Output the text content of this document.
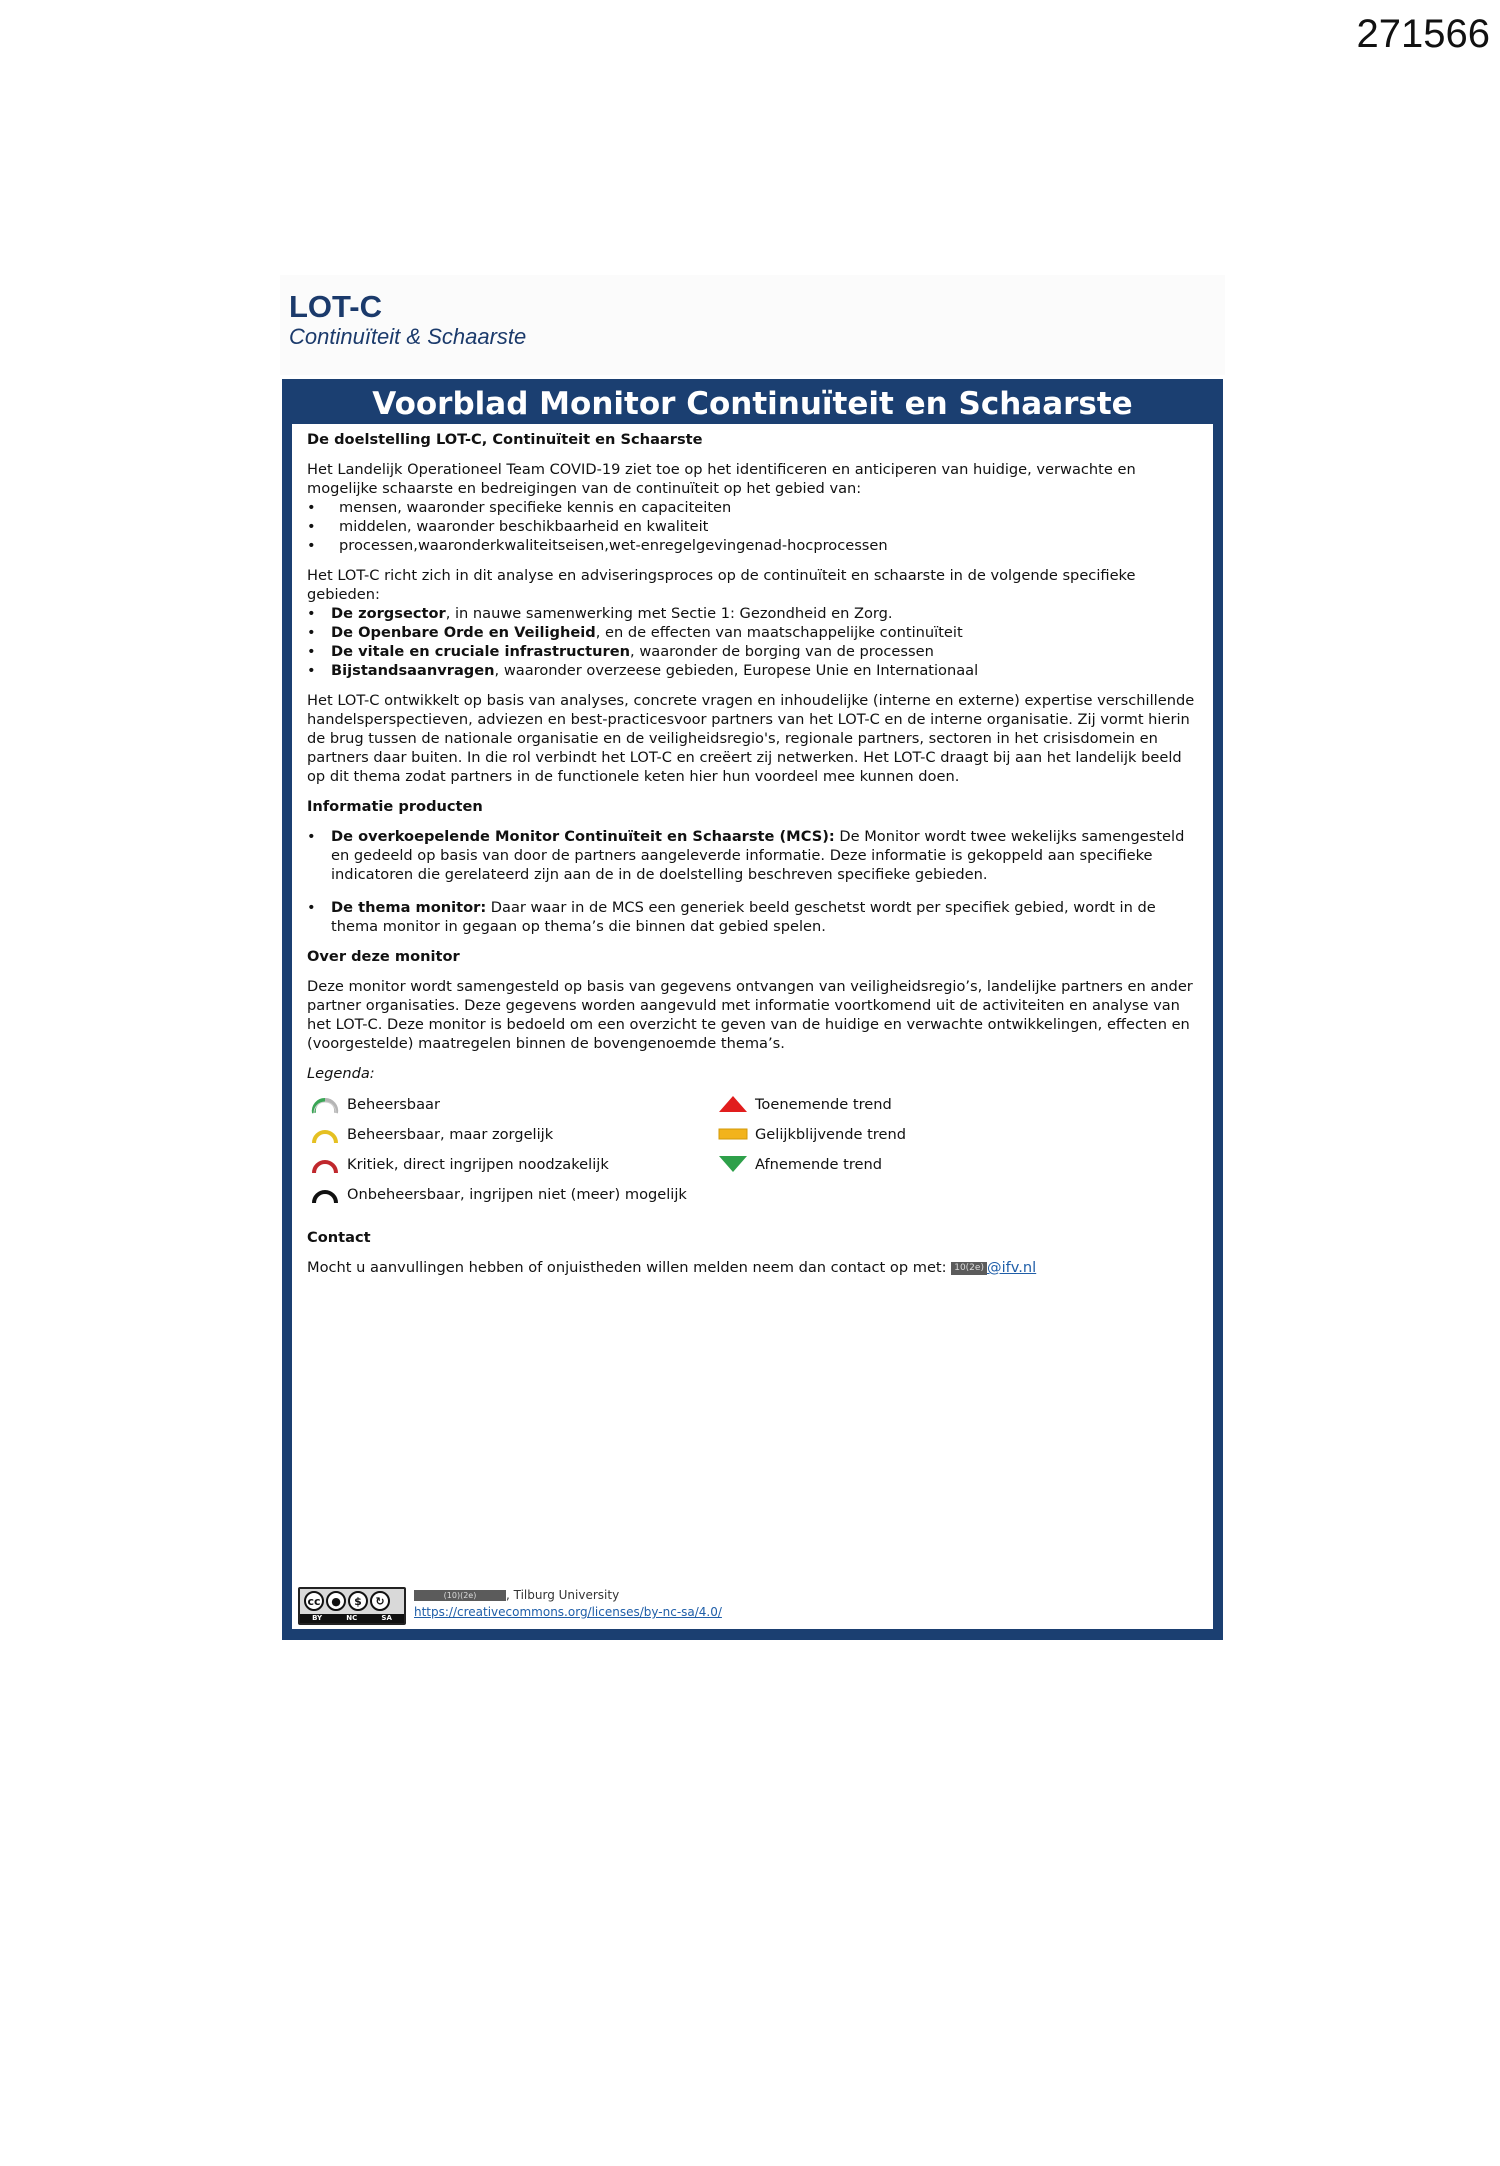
271566
LOT-C
Continuïteit & Schaarste
Voorblad Monitor Continuïteit en Schaarste

De doelstelling LOT-C, Continuïteit en Schaarste

Het Landelijk Operationeel Team COVID-19 ziet toe op het identificeren en anticiperen van huidige, verwachte en mogelijke schaarste en bedreigingen van de continuïteit op het gebied van:

• mensen, waaronder specifieke kennis en capaciteiten
• middelen, waaronder beschikbaarheid en kwaliteit
• processen,waaronderkwaliteitseisen,wet-enregelgevingenad-hocprocessen

Het LOT-C richt zich in dit analyse en adviseringsproces op de continuïteit en schaarste in de volgende specifieke gebieden:

• De zorgsector, in nauwe samenwerking met Sectie 1: Gezondheid en Zorg.
• De Openbare Orde en Veiligheid, en de effecten van maatschappelijke continuïteit
• De vitale en cruciale infrastructuren, waaronder de borging van de processen
• Bijstandsaanvragen, waaronder overzeese gebieden, Europese Unie en Internationaal

Het LOT-C ontwikkelt op basis van analyses, concrete vragen en inhoudelijke (interne en externe) expertise verschillende handelsperspectieven, adviezen en best-practicesvoor partners van het LOT-C en de interne organisatie. Zij vormt hierin de brug tussen de nationale organisatie en de veiligheidsregio's, regionale partners, sectoren in het crisisdomein en partners daar buiten. In die rol verbindt het LOT-C en creëert zij netwerken. Het LOT-C draagt bij aan het landelijk beeld op dit thema zodat partners in de functionele keten hier hun voordeel mee kunnen doen.

Informatie producten

• De overkoepelende Monitor Continuïteit en Schaarste (MCS): De Monitor wordt twee wekelijks samengesteld en gedeeld op basis van door de partners aangeleverde informatie. Deze informatie is gekoppeld aan specifieke indicatoren die gerelateerd zijn aan de in de doelstelling beschreven specifieke gebieden.
• De thema monitor: Daar waar in de MCS een generiek beeld geschetst wordt per specifiek gebied, wordt in de thema monitor in gegaan op thema’s die binnen dat gebied spelen.

Over deze monitor

Deze monitor wordt samengesteld op basis van gegevens ontvangen van veiligheidsregio’s, landelijke partners en ander partner organisaties. Deze gegevens worden aangevuld met informatie voortkomend uit de activiteiten en analyse van het LOT-C. Deze monitor is bedoeld om een overzicht te geven van de huidige en verwachte ontwikkelingen, effecten en (voorgestelde) maatregelen binnen de bovengenoemde thema’s.

Legenda:

Beheersbaar
Beheersbaar, maar zorgelijk
Kritiek, direct ingrijpen noodzakelijk
Onbeheersbaar, ingrijpen niet (meer) mogelijk
Toenemende trend
Gelijkblijvende trend
Afnemende trend

Contact

Mocht u aanvullingen hebben of onjuistheden willen melden neem dan contact op met: 10(2e) @ifv.nl

cc ●	$	↻
BY	NC	SA
(10)(2e) , Tilburg University
https://creativecommons.org/licenses/by-nc-sa/4.0/
